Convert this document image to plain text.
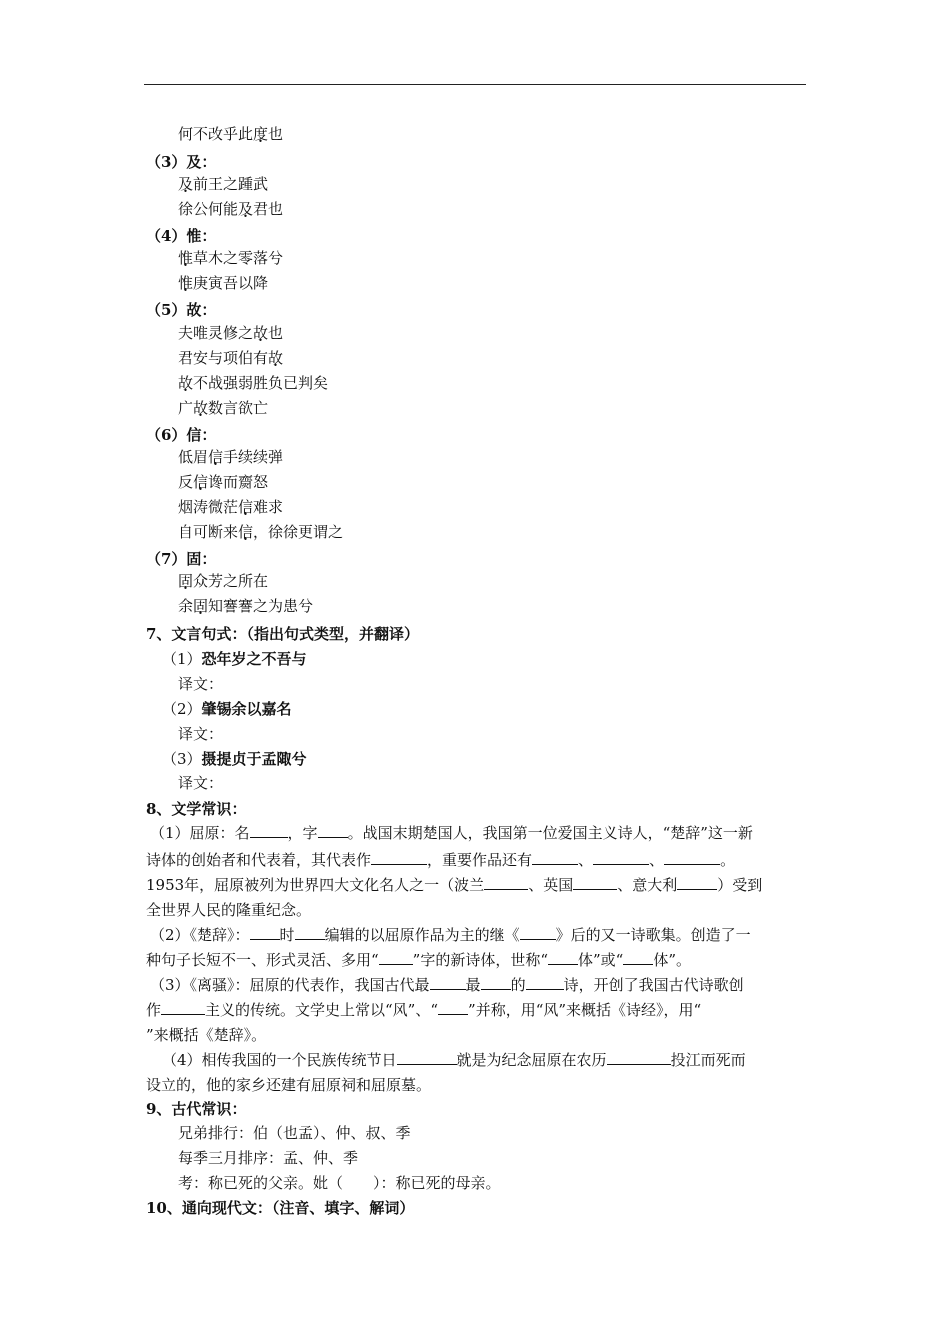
何不改乎此度也
（3）及：
及前王之踵武
徐公何能及君也
（4）惟：
惟草木之零落兮
惟庚寅吾以降
（5）故：
夫唯灵修之故也
君安与项伯有故
故不战强弱胜负已判矣
广故数言欲亡
（6）信：
低眉信手续续弹
反信谗而齌怒
烟涛微茫信难求
自可断来信，徐徐更谓之
（7）固：
固众芳之所在
余固知謇謇之为患兮
7、文言句式：（指出句式类型，并翻译）
（1）恐年岁之不吾与
译文：
（2）肇锡余以嘉名
译文：
（3）摄提贞于孟陬兮
译文：
8、文学常识：
（1）屈原：名	，字 。战国末期楚国人，我国第一位爱国主义诗人，“楚辞”这一新
诗体的创始者和代表着，其代表作	，重要作品还有	、	、	。
1953年，屈原被列为世界四大文化名人之一（波兰	、英国	、意大利	）受到
全世界人民的隆重纪念。
（2）《楚辞》： 时 编辑的以屈原作品为主的继《 》后的又一诗歌集。创造了一
种句子长短不一、形式灵活、多用“ ”字的新诗体，世称“ 体”或“ 体”。
（3）《离骚》：屈原的代表作，我国古代最 最 的	诗，开创了我国古代诗歌创
作	主义的传统。文学史上常以“风”、“ ”并称，用“风”来概括《诗经》，用“
”来概括《楚辞》。
（4）相传我国的一个民族传统节日	就是为纪念屈原在农历	投江而死而
设立的，他的家乡还建有屈原祠和屈原墓。
9、古代常识：
兄弟排行：伯（也孟）、仲、叔、季
每季三月排序：孟、仲、季
考：称已死的父亲。妣（　　）：称已死的母亲。
10、通向现代文：（注音、填字、解词）
